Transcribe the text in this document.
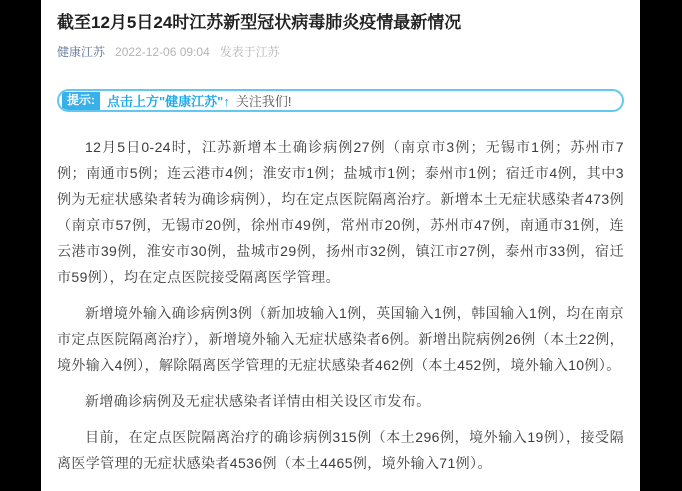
截至12月5日24时江苏新型冠状病毒肺炎疫情最新情况
健康江苏 2022-12-06 09:04 发表于江苏
提示: 点击上方"健康江苏"↑ 关注我们!

12月5日0-24时，江苏新增本土确诊病例27例（南京市3例；无锡市1例；苏州市7例；南通市5例；连云港市4例；淮安市1例；盐城市1例；泰州市1例；宿迁市4例，其中3例为无症状感染者转为确诊病例），均在定点医院隔离治疗。新增本土无症状感染者473例（南京市57例，无锡市20例，徐州市49例，常州市20例，苏州市47例，南通市31例，连云港市39例，淮安市30例，盐城市29例，扬州市32例，镇江市27例，泰州市33例，宿迁市59例），均在定点医院接受隔离医学管理。

新增境外输入确诊病例3例（新加坡输入1例，英国输入1例，韩国输入1例，均在南京市定点医院隔离治疗），新增境外输入无症状感染者6例。新增出院病例26例（本土22例，境外输入4例），解除隔离医学管理的无症状感染者462例（本土452例，境外输入10例）。

新增确诊病例及无症状感染者详情由相关设区市发布。

目前，在定点医院隔离治疗的确诊病例315例（本土296例，境外输入19例），接受隔离医学管理的无症状感染者4536例（本土4465例，境外输入71例）。
